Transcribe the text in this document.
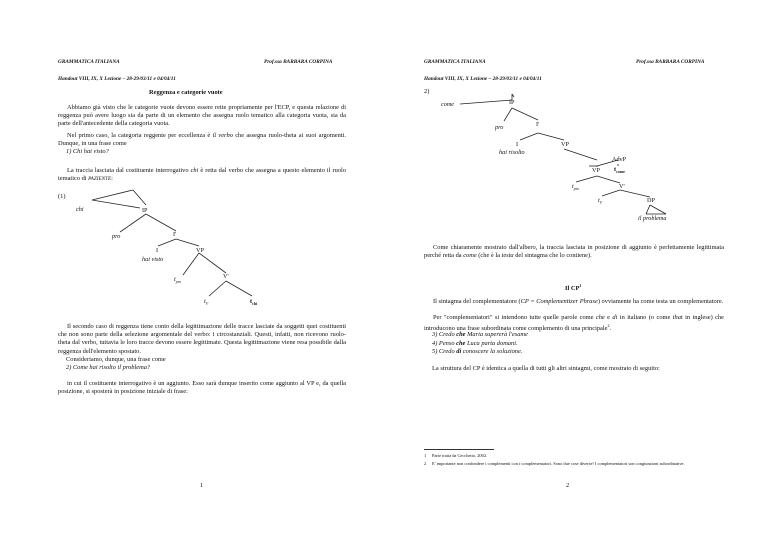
GRAMMATICA ITALIANA	Prof.ssa BARBARA CORPINA
Handout VIII, IX, X Lezione – 28-29/03/11 e 04/04/11
Reggenza e categorie vuote
Abbiamo già visto che le categorie vuote devono essere rette propriamente per l'ECP, e questa relazione di reggenza può avere luogo sia da parte di un elemento che assegna ruolo tematico alla categoria vuota, sia da parte dell'antecedente della categoria vuota.
Nel primo caso, la categoria reggente per eccellenza è il verbo che assegna ruolo-theta ai suoi argomenti. Dunque, in una frase come
1) Chi hai visto?
La traccia lasciata dal costituente interrogativo chi è retta dal verbo che assegna a questo elemento il ruolo tematico di PAZIENTE:
(1)
chi	IP
pro	I'
I
hai visto
VP
$t_{pro}$
V'
$t_V$	$t_{chi}$
Il secondo caso di reggenza tiene conto della legittimazione delle tracce lasciate da soggetti quei costituenti che non sono parte della selezione argomentale del verbo: i circostanziali. Questi, infatti, non ricevono ruolo-theta dal verbo, tuttavia le loro tracce devono essere legittimate. Questa legittimazione viene resa possibile dalla reggenza dell'elemento spostato.
Consideriamo, dunque, una frase come
2) Come hai risolto il problema?
in cui il costituente interrogativo è un aggiunto. Esso sarà dunque inserito come aggiunto al VP e, da quella posizione, si sposterà in posizione iniziale di frase:
1
GRAMMATICA ITALIANA	Prof.ssa BARBARA CORPINA
Handout VIII, IX, X Lezione – 28-29/03/11 e 04/04/11
2)
come	IP
pro	I'
I
hai risolto
VP
AdvP
$t_{come}$
VP
$t_{pro}$	V'
$t_V$	DP
il problema
Come chiaramente mostrato dall'albero, la traccia lasciata in posizione di aggiunto è perfettamente legittimata perché retta da come (che è la testa del sintagma che lo contiene).
Il $CP^1$
Il sintagma del complementatore (CP = Complementizer Phrase) ovviamente ha come testa un complementatore.
Per "complementatori" si intendono tutte quelle parole come che e di in italiano (o come that in inglese) che introducono una frase subordinata come complemento di una principale$^2$.
3) Credo che Maria supererà l'esame
4) Penso che Luca parta domani.
5) Credo di conoscere la soluzione.
La struttura del CP è identica a quella di tutti gli altri sintagmi, come mostrato di seguito:
1 Parte tratta da Cecchetto, 2002.
2 E' importante non confondere i complementi con i complementatori. Sono due cose diverse! I complementatori son congiunzioni subordinative.
2
